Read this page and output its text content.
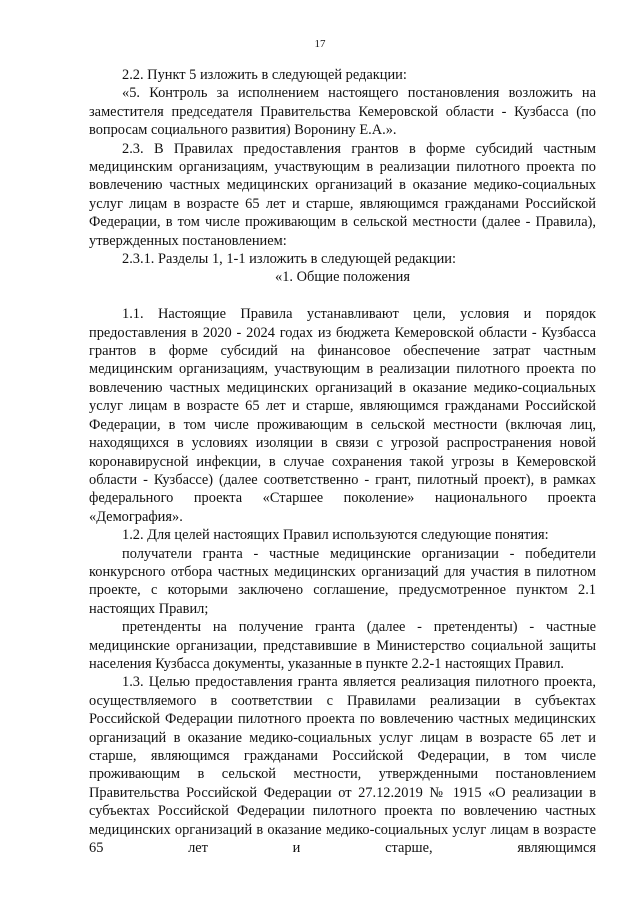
17

2.2. Пункт 5 изложить в следующей редакции:

«5. Контроль за исполнением настоящего постановления возложить на заместителя председателя Правительства Кемеровской области - Кузбасса (по вопросам социального развития) Воронину Е.А.».

2.3. В Правилах предоставления грантов в форме субсидий частным медицинским организациям, участвующим в реализации пилотного проекта по вовлечению частных медицинских организаций в оказание медико-социальных услуг лицам в возрасте 65 лет и старше, являющимся гражданами Российской Федерации, в том числе проживающим в сельской местности (далее - Правила), утвержденных постановлением:

2.3.1. Разделы 1, 1-1 изложить в следующей редакции:

«1. Общие положения

1.1. Настоящие Правила устанавливают цели, условия и порядок предоставления в 2020 - 2024 годах из бюджета Кемеровской области - Кузбасса грантов в форме субсидий на финансовое обеспечение затрат частным медицинским организациям, участвующим в реализации пилотного проекта по вовлечению частных медицинских организаций в оказание медико-социальных услуг лицам в возрасте 65 лет и старше, являющимся гражданами Российской Федерации, в том числе проживающим в сельской местности (включая лиц, находящихся в условиях изоляции в связи с угрозой распространения новой коронавирусной инфекции, в случае сохранения такой угрозы в Кемеровской области - Кузбассе) (далее соответственно - грант, пилотный проект), в рамках федерального проекта «Старшее поколение» национального проекта «Демография».

1.2. Для целей настоящих Правил используются следующие понятия:

получатели гранта - частные медицинские организации - победители конкурсного отбора частных медицинских организаций для участия в пилотном проекте, с которыми заключено соглашение, предусмотренное пунктом 2.1 настоящих Правил;

претенденты на получение гранта (далее - претенденты) - частные медицинские организации, представившие в Министерство социальной защиты населения Кузбасса документы, указанные в пункте 2.2-1 настоящих Правил.

1.3. Целью предоставления гранта является реализация пилотного проекта, осуществляемого в соответствии с Правилами реализации в субъектах Российской Федерации пилотного проекта по вовлечению частных медицинских организаций в оказание медико-социальных услуг лицам в возрасте 65 лет и старше, являющимся гражданами Российской Федерации, в том числе проживающим в сельской местности, утвержденными постановлением Правительства Российской Федерации от 27.12.2019 № 1915 «О реализации в субъектах Российской Федерации пилотного проекта по вовлечению частных медицинских организаций в оказание медико-социальных услуг лицам в возрасте 65 лет и старше, являющимся
